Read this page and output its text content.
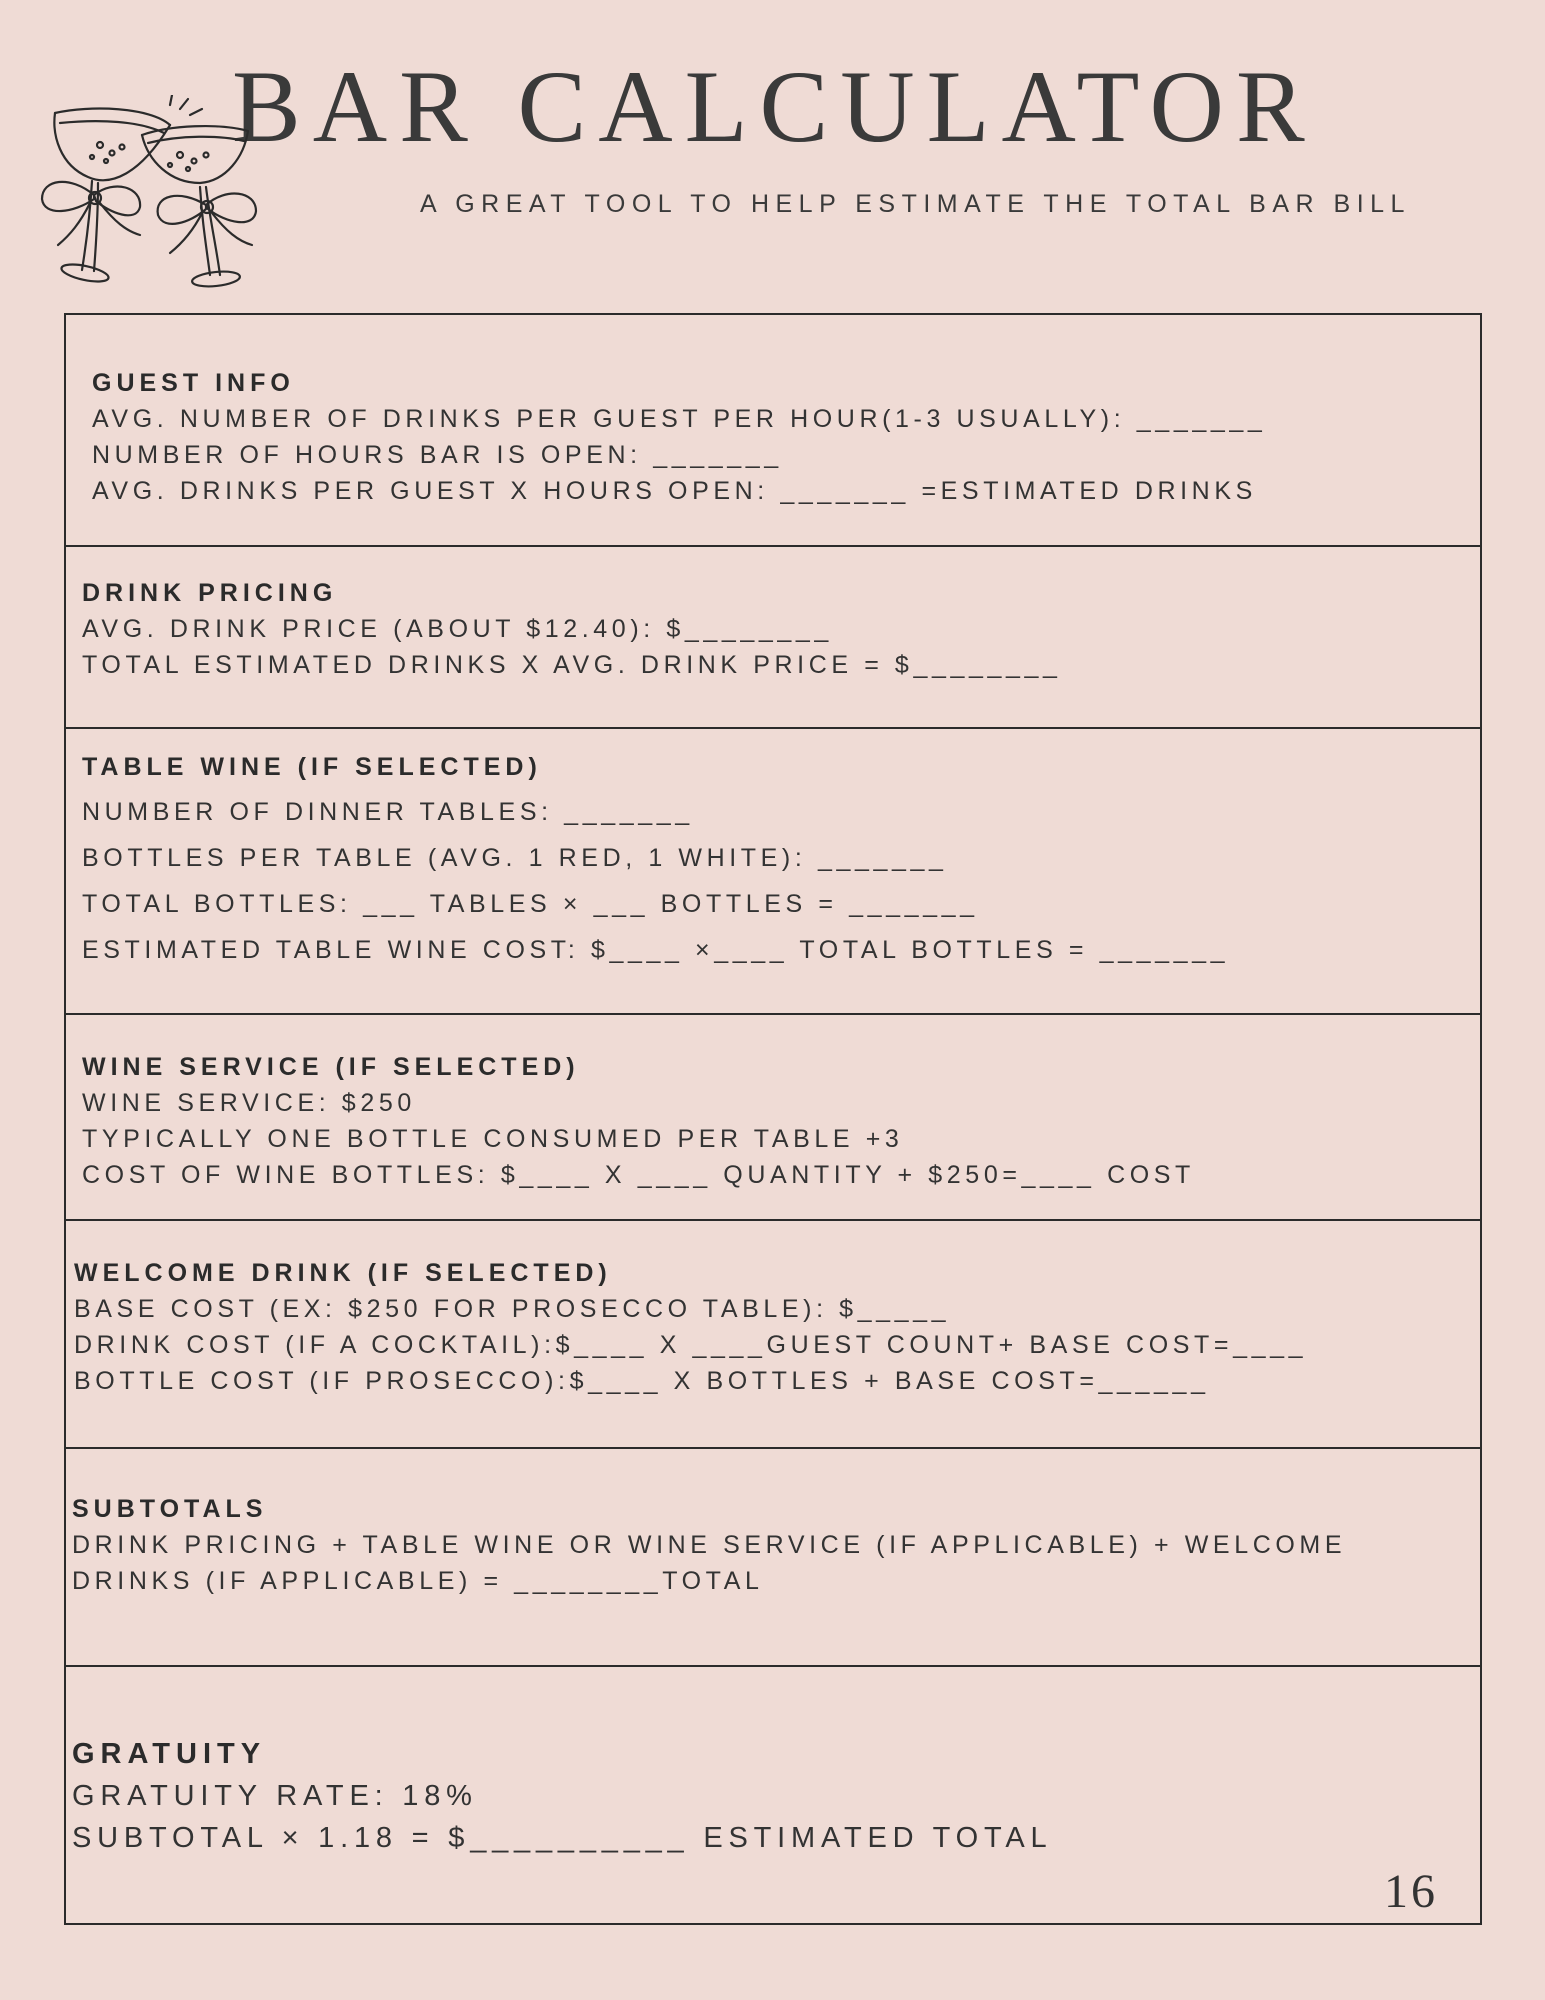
BAR CALCULATOR
A GREAT TOOL TO HELP ESTIMATE THE TOTAL BAR BILL
GUEST INFO
AVG. NUMBER OF DRINKS PER GUEST PER HOUR(1-3 USUALLY): _______
NUMBER OF HOURS BAR IS OPEN: _______
AVG. DRINKS PER GUEST X HOURS OPEN: _______ =ESTIMATED DRINKS
DRINK PRICING
AVG. DRINK PRICE (ABOUT $12.40): $________
TOTAL ESTIMATED DRINKS X AVG. DRINK PRICE = $________
TABLE WINE (IF SELECTED)
NUMBER OF DINNER TABLES: _______
BOTTLES PER TABLE (AVG. 1 RED, 1 WHITE): _______
TOTAL BOTTLES: ___ TABLES × ___ BOTTLES = _______
ESTIMATED TABLE WINE COST: $____ ×____ TOTAL BOTTLES = _______
WINE SERVICE (IF SELECTED)
WINE SERVICE: $250
TYPICALLY ONE BOTTLE CONSUMED PER TABLE +3
COST OF WINE BOTTLES: $____ X ____ QUANTITY + $250=____ COST
WELCOME DRINK (IF SELECTED)
BASE COST (EX: $250 FOR PROSECCO TABLE): $_____
DRINK COST (IF A COCKTAIL):$____ X ____GUEST COUNT+ BASE COST=____
BOTTLE COST (IF PROSECCO):$____ X BOTTLES + BASE COST=______
SUBTOTALS
DRINK PRICING + TABLE WINE OR WINE SERVICE (IF APPLICABLE) + WELCOME
DRINKS (IF APPLICABLE) = ________TOTAL
GRATUITY
GRATUITY RATE: 18%
SUBTOTAL × 1.18 = $__________ ESTIMATED TOTAL
16
